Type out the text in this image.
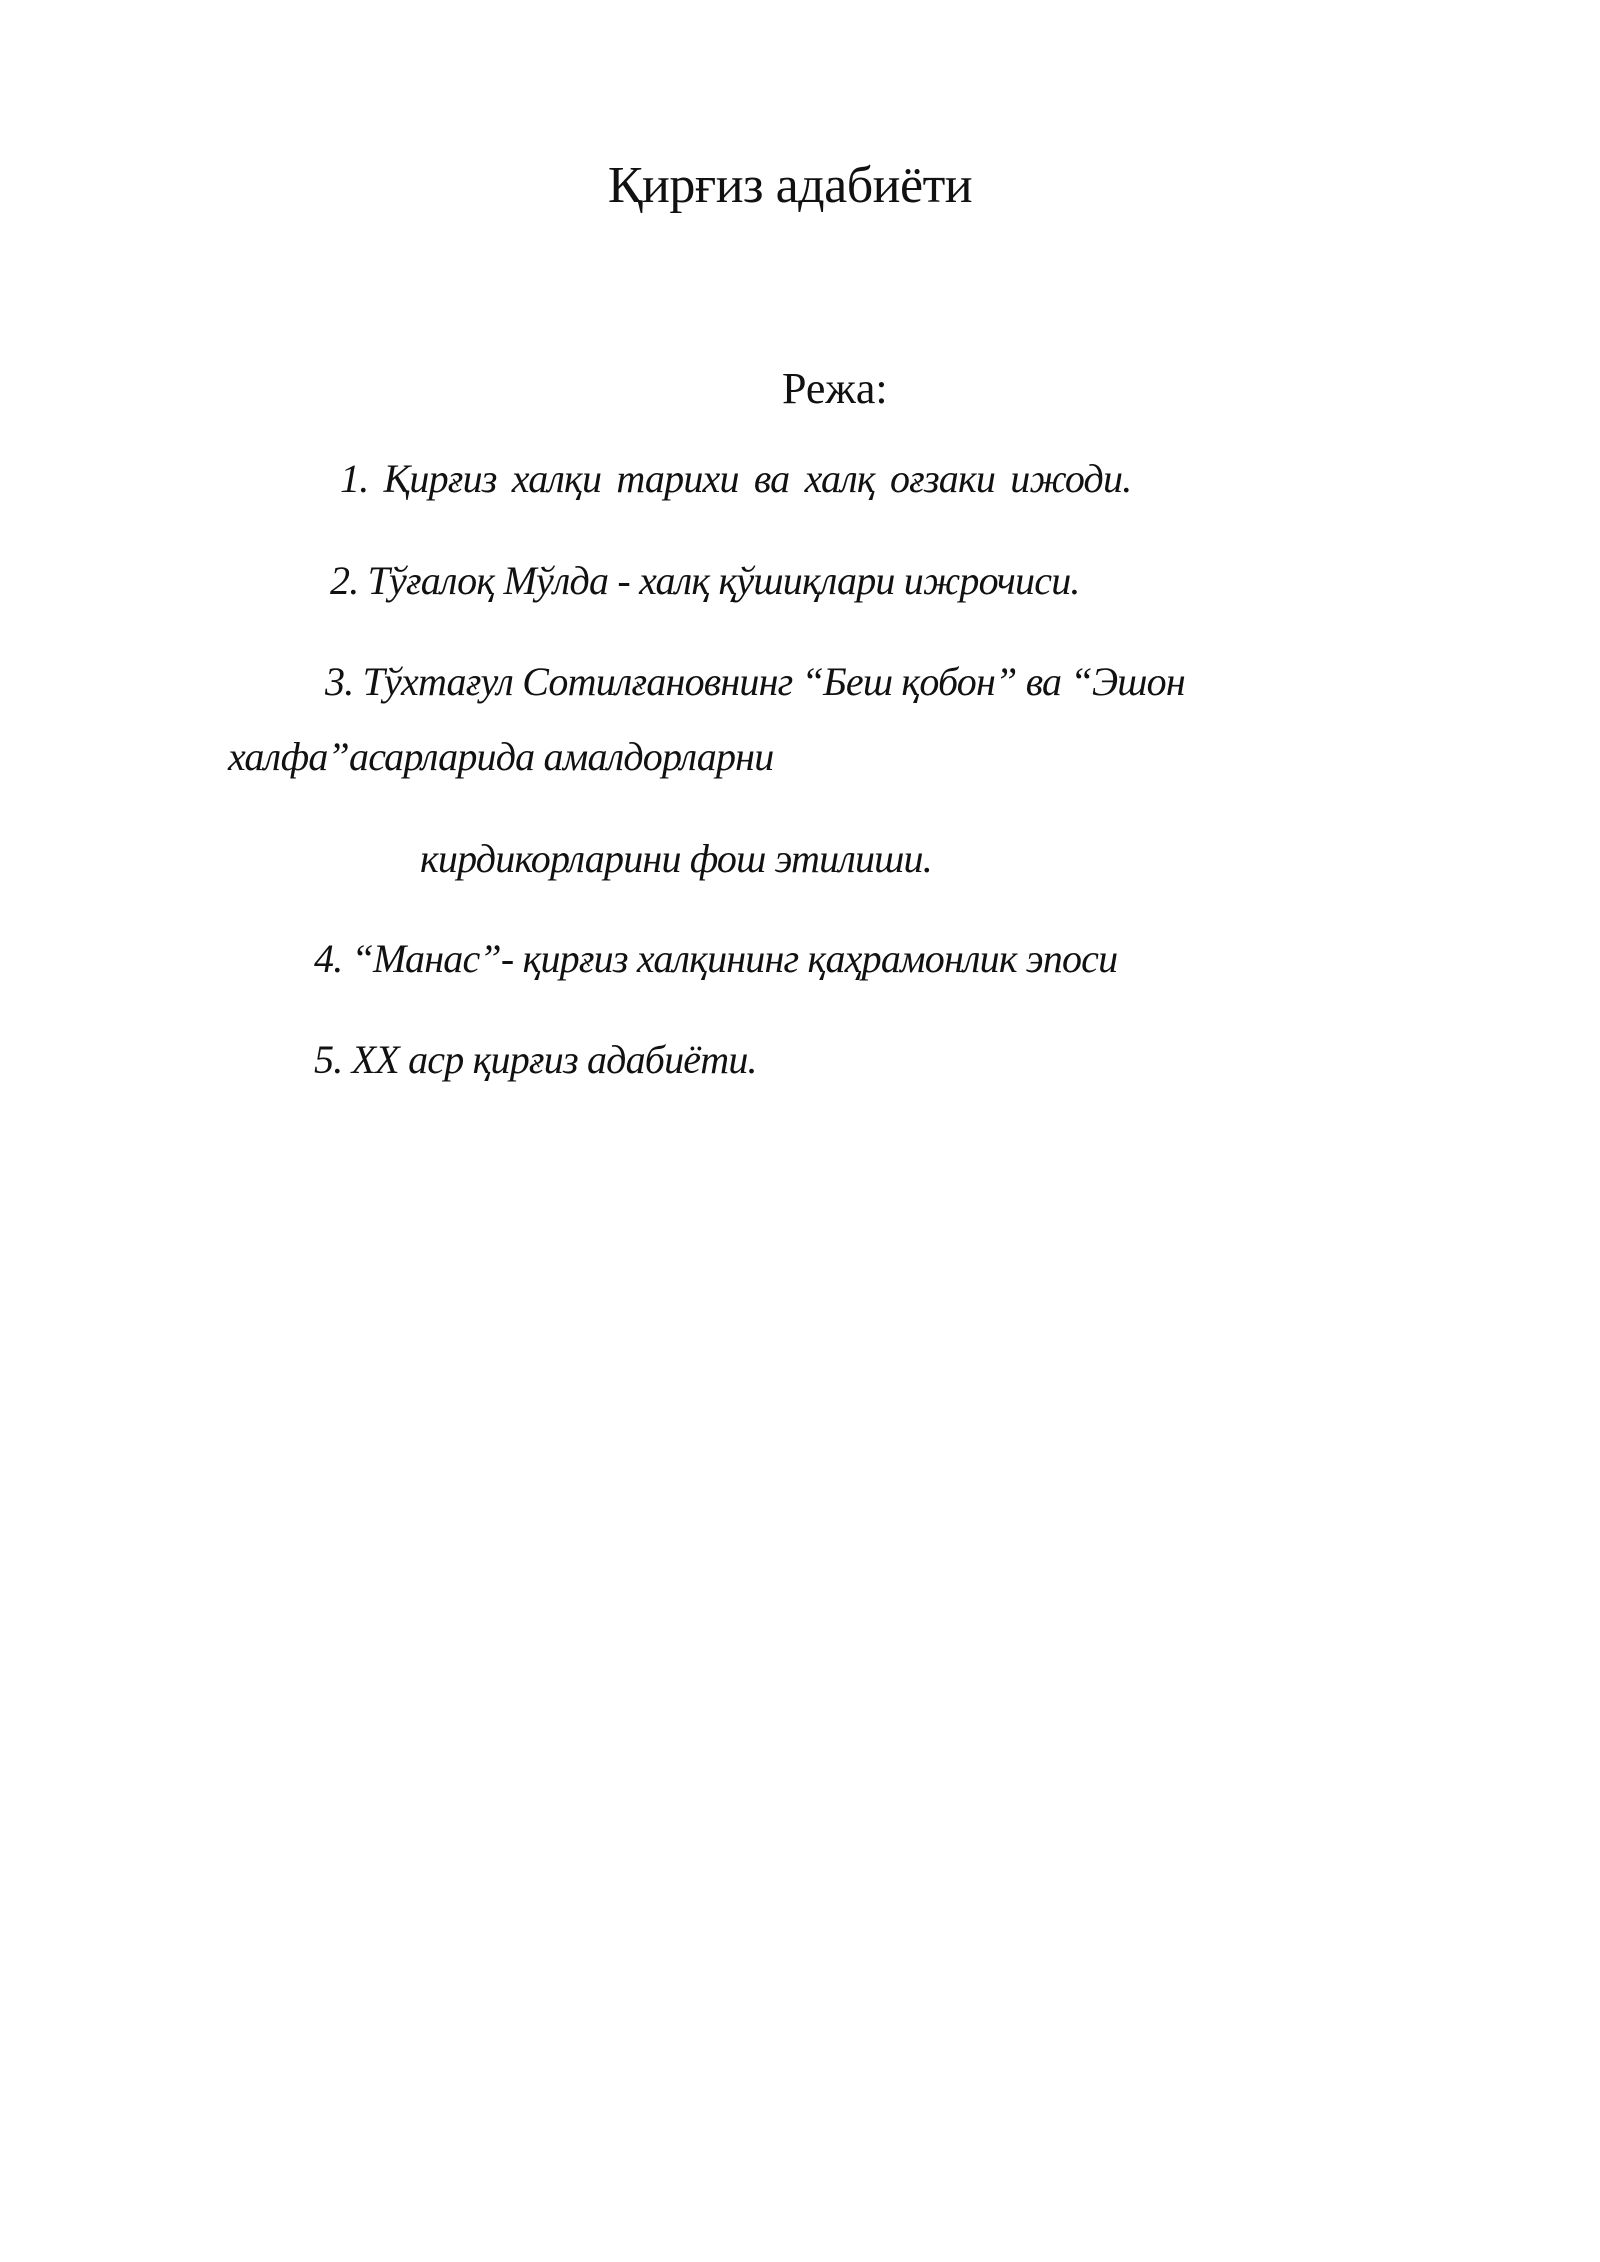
Қирғиз адабиёти

Режа:

1. Қирғиз халқи тарихи ва халқ оғзаки ижоди.

2. Тўғалоқ Мўлда - халқ қўшиқлари ижрочиси.

3. Тўхтағул Сотилғановнинг “Беш қобон” ва “Эшон

халфа”асарларида амалдорларни

кирдикорларини фош этилиши.

4. “Манас”- қирғиз халқининг қаҳрамонлик эпоси

5. XX аср қирғиз адабиёти.
